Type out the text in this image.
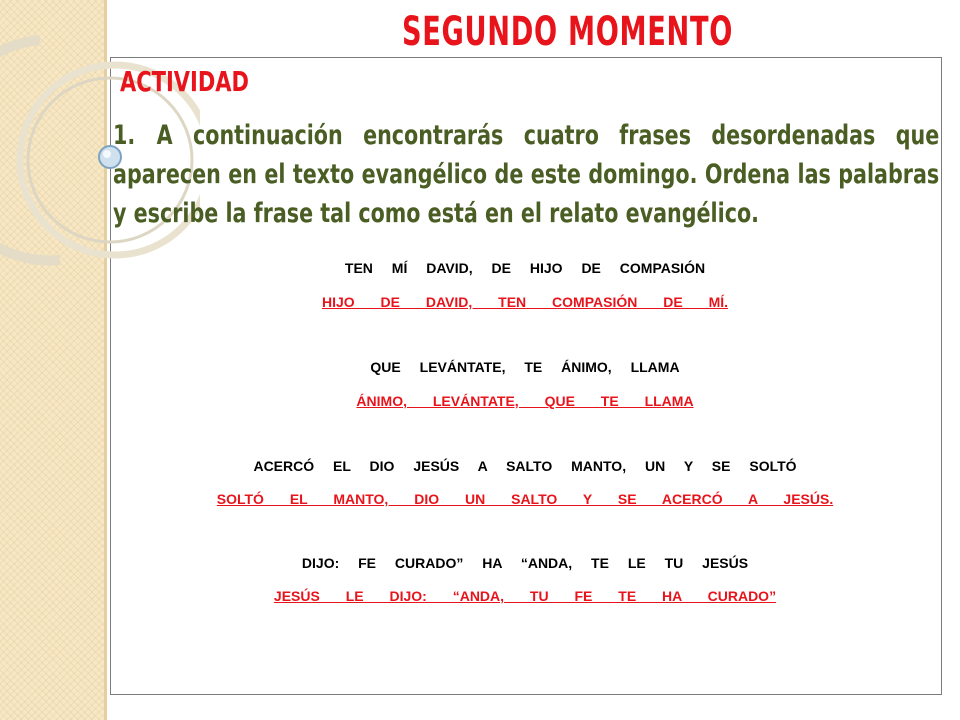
SEGUNDO MOMENTO
ACTIVIDAD

1. A continuación encontrarás cuatro frases desordenadas que aparecen en el texto evangélico de este domingo. Ordena las palabras y escribe la frase tal como está en el relato evangélico.

TEN MÍ DAVID, DE HIJO DE COMPASIÓN

HIJO DE DAVID, TEN COMPASIÓN DE MÍ.

QUE LEVÁNTATE, TE ÁNIMO, LLAMA

ÁNIMO, LEVÁNTATE, QUE TE LLAMA

ACERCÓ EL DIO JESÚS A SALTO MANTO, UN Y SE SOLTÓ

SOLTÓ EL MANTO, DIO UN SALTO Y SE ACERCÓ A JESÚS.

DIJO: FE CURADO” HA “ANDA, TE LE TU JESÚS

JESÚS LE DIJO: “ANDA, TU FE TE HA CURADO”
